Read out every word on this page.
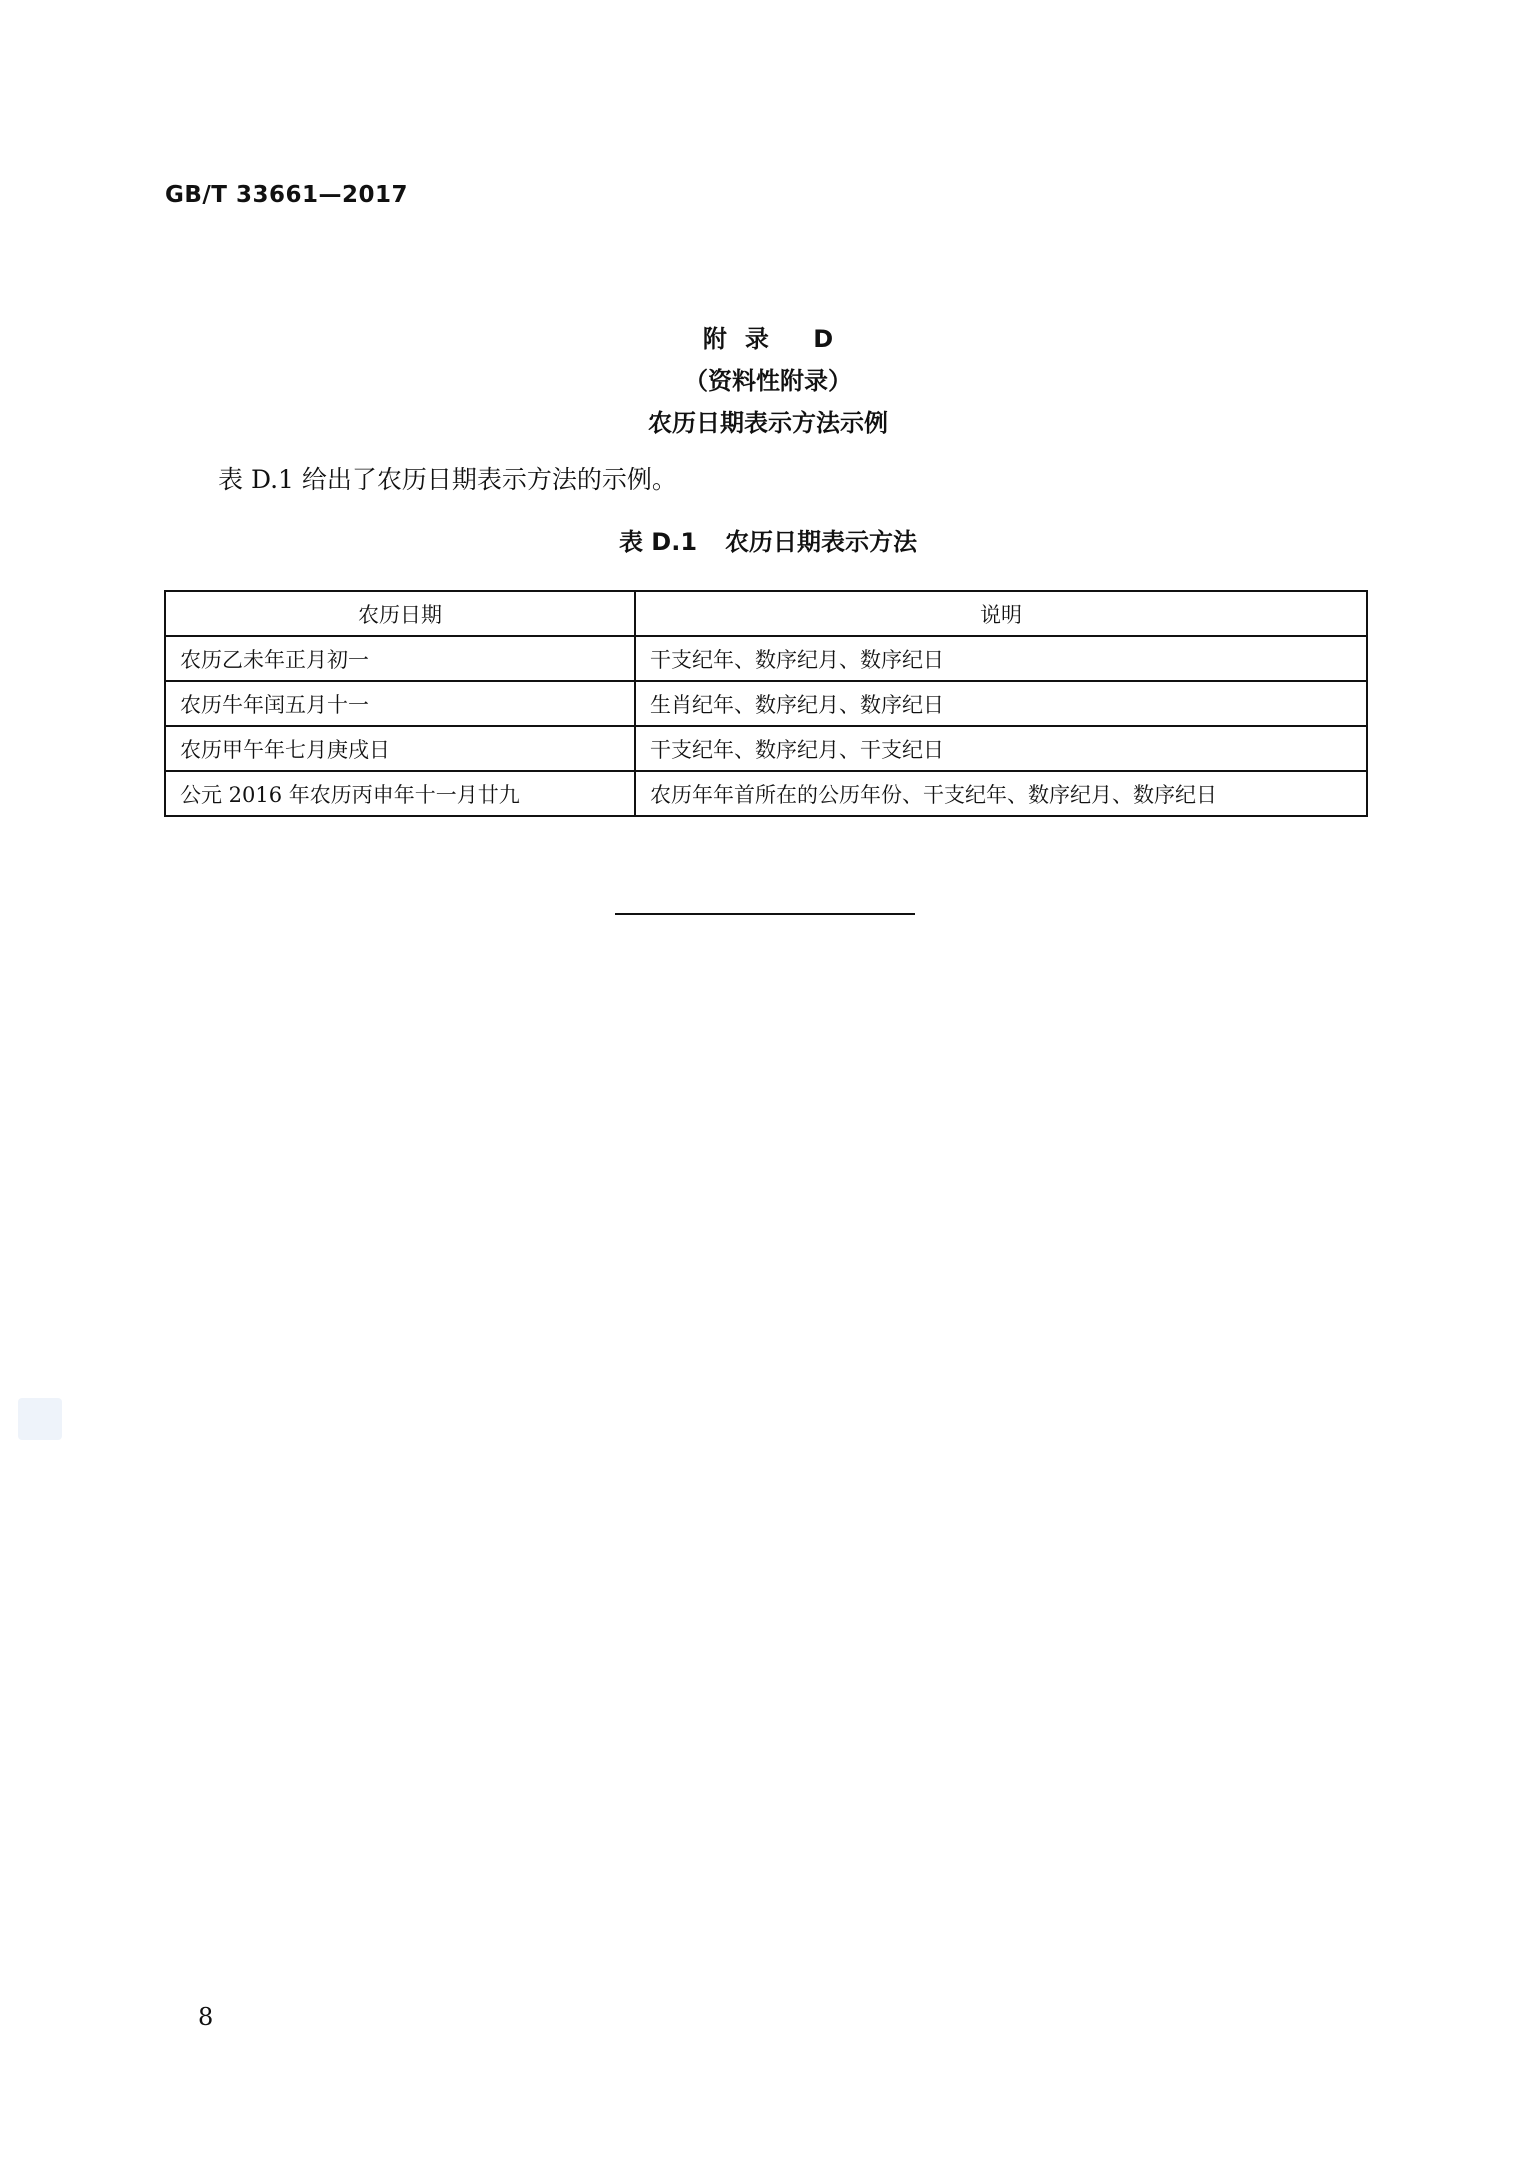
GB/T 33661—2017
附录 D
（资料性附录）
农历日期表示方法示例
表 D.1 给出了农历日期表示方法的示例。
表 D.1 农历日期表示方法
农历日期	说明
农历乙未年正月初一	干支纪年、数序纪月、数序纪日
农历牛年闰五月十一	生肖纪年、数序纪月、数序纪日
农历甲午年七月庚戌日	干支纪年、数序纪月、干支纪日
公元 2016 年农历丙申年十一月廿九	农历年年首所在的公历年份、干支纪年、数序纪月、数序纪日
8
